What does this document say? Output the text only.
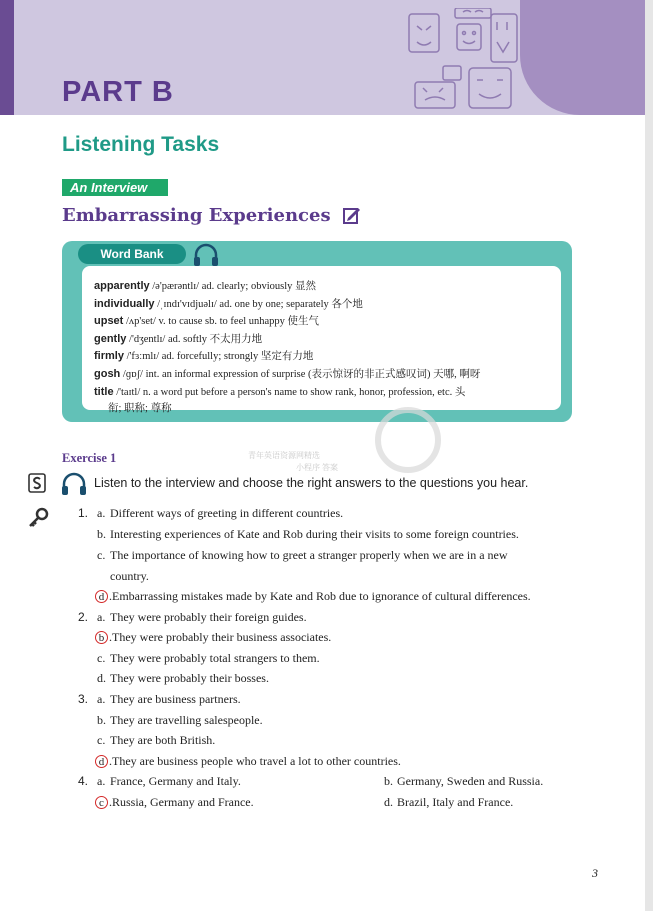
PART B
Listening Tasks
An Interview
Embarrassing Experiences
Word Bank
apparently /ə'pærəntlɪ/ ad. clearly; obviously 显然
individually /ˌɪndɪ'vɪdjuəlɪ/ ad. one by one; separately 各个地
upset /ʌp'set/ v. to cause sb. to feel unhappy 使生气
gently /'dʒentlɪ/ ad. softly 不太用力地
firmly /'fɜːmlɪ/ ad. forcefully; strongly 坚定有力地
gosh /ɡɒʃ/ int. an informal expression of surprise (表示惊讶的非正式感叹词) 天哪, 啊呀
title /'taɪtl/ n. a word put before a person's name to show rank, honor, profession, etc. 头
衔; 职称; 尊称
青年英语资源网精选
小程序 答案
Exercise 1
Listen to the interview and choose the right answers to the questions you hear.
1. a. Different ways of greeting in different countries.
b. Interesting experiences of Kate and Rob during their visits to some foreign countries.
c. The importance of knowing how to greet a stranger properly when we are in a new
country.
d .Embarrassing mistakes made by Kate and Rob due to ignorance of cultural differences.
2. a. They were probably their foreign guides.
b .They were probably their business associates.
c. They were probably total strangers to them.
d. They were probably their bosses.
3. a. They are business partners.
b. They are travelling salespeople.
c. They are both British.
d .They are business people who travel a lot to other countries.
4. a. France, Germany and Italy.	b. Germany, Sweden and Russia.
c .Russia, Germany and France.	d. Brazil, Italy and France.
3
